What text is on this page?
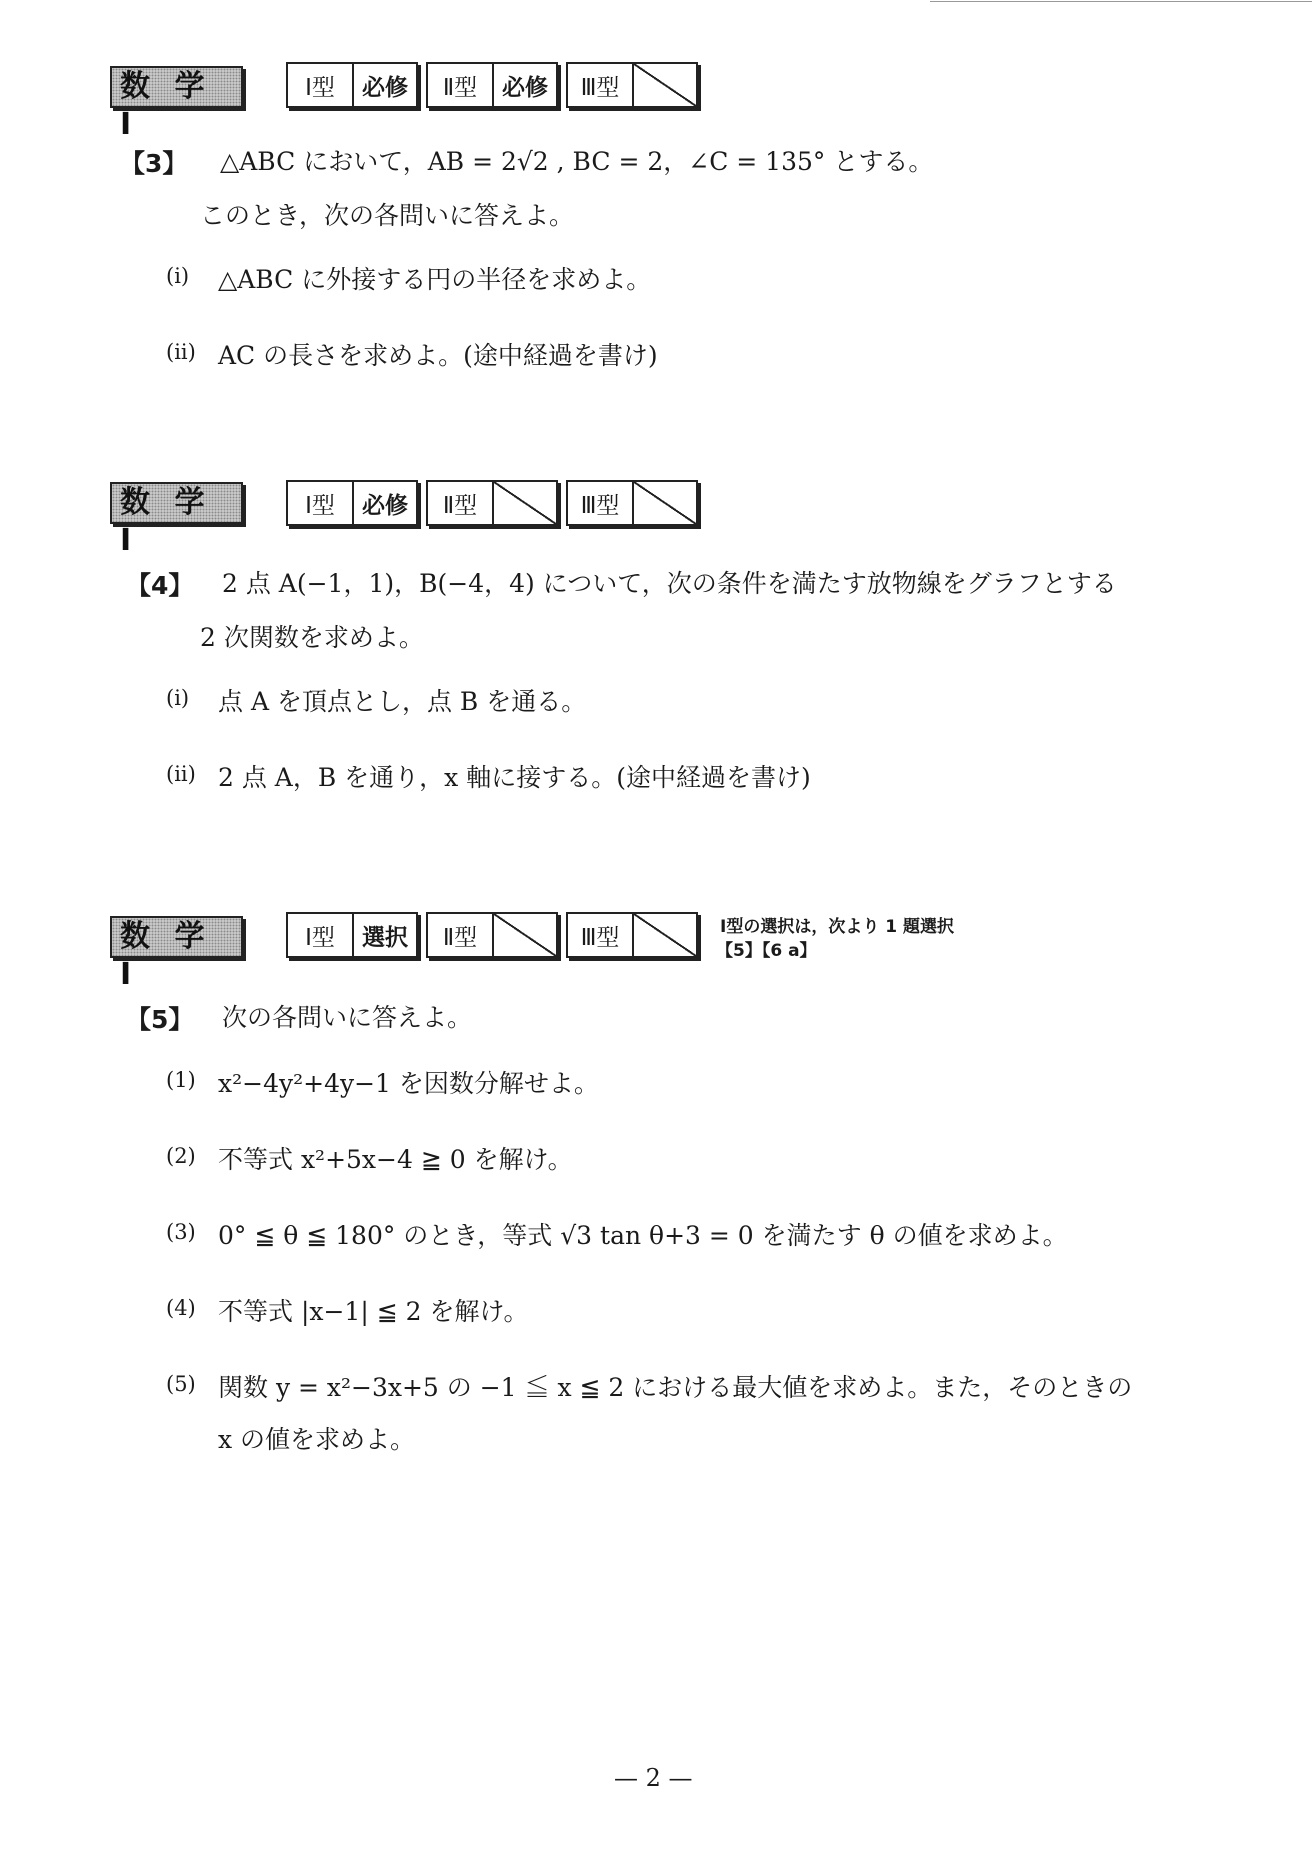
数 学 Ⅰ
Ⅰ型	必修	Ⅱ型	必修	Ⅲ型
【3】 △ABC において，AB = 2√2 , BC = 2，∠C = 135° とする。
このとき，次の各問いに答えよ。
(i) △ABC に外接する円の半径を求めよ。
(ii) AC の長さを求めよ。(途中経過を書け)
数 学 Ⅰ
Ⅰ型	必修	Ⅱ型	Ⅲ型
【4】 2 点 A(−1，1)，B(−4，4) について，次の条件を満たす放物線をグラフとする
2 次関数を求めよ。
(i) 点 A を頂点とし，点 B を通る。
(ii) 2 点 A，B を通り，x 軸に接する。(途中経過を書け)
数 学 Ⅰ
Ⅰ型	選択	Ⅱ型	Ⅲ型	Ⅰ型の選択は，次より 1 題選択
【5】【6 a】
【5】 次の各問いに答えよ。
(1) x²−4y²+4y−1 を因数分解せよ。
(2) 不等式 x²+5x−4 ≧ 0 を解け。
(3) 0° ≦ θ ≦ 180° のとき，等式 √3 tan θ+3 = 0 を満たす θ の値を求めよ。
(4) 不等式 |x−1| ≦ 2 を解け。
(5) 関数 y = x²−3x+5 の −1 ≦ x ≦ 2 における最大値を求めよ。また，そのときの
x の値を求めよ。
— 2 —
